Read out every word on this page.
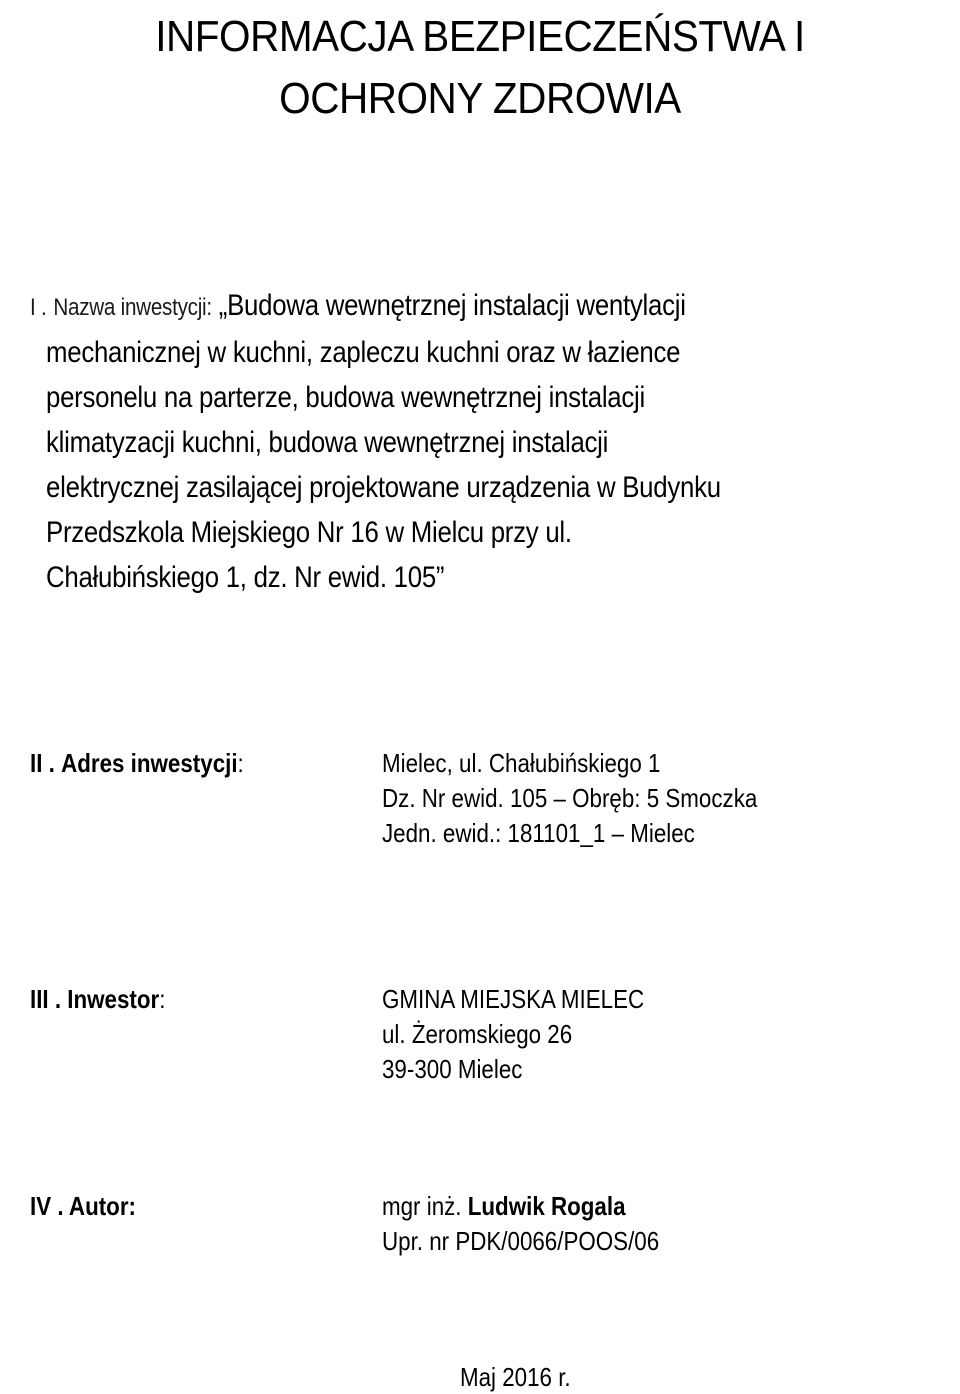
INFORMACJA BEZPIECZEŃSTWA I
OCHRONY ZDROWIA
I . Nazwa inwestycji: „Budowa wewnętrznej instalacji wentylacji
mechanicznej w kuchni, zapleczu kuchni oraz w łazience
personelu na parterze, budowa wewnętrznej instalacji
klimatyzacji kuchni, budowa wewnętrznej instalacji
elektrycznej zasilającej projektowane urządzenia w Budynku
Przedszkola Miejskiego Nr 16 w Mielcu przy ul.
Chałubińskiego 1, dz. Nr ewid. 105”
II . Adres inwestycji:	Mielec, ul. Chałubińskiego 1
Dz. Nr ewid. 105 – Obręb: 5 Smoczka
Jedn. ewid.: 181101_1 – Mielec
III . Inwestor:	GMINA MIEJSKA MIELEC
ul. Żeromskiego 26
39-300 Mielec
IV . Autor:	mgr inż. Ludwik Rogala
Upr. nr PDK/0066/POOS/06
Maj 2016 r.
